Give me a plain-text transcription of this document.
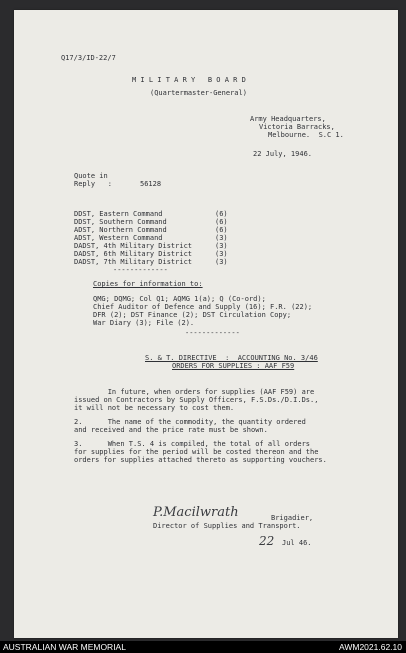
Q17/3/ID-22/7
M I L I T A R Y   B O A R D
(Quartermaster-General)
Army Headquarters,
Victoria Barracks,
Melbourne.  S.C 1.
22 July, 1946.
Quote in
Reply   :	56128
DDST, Eastern Command	(6)
DDST, Southern Command	(6)
ADST, Northern Command	(6)
ADST, Western Command	(3)
DADST, 4th Military District	(3)
DADST, 6th Military District	(3)
DADST, 7th Military District	(3)
-------------
Copies for information to:
QMG; DQMG; Col Q1; AQMG 1(a); Q (Co-ord);
Chief Auditor of Defence and Supply (16); F.R. (22);
DFR (2); DST Finance (2); DST Circulation Copy;
War Diary (3); File (2).
-------------
S. & T. DIRECTIVE  :  ACCOUNTING No. 3/46
ORDERS FOR SUPPLIES : AAF F59
In future, when orders for supplies (AAF F59) are
issued on Contractors by Supply Officers, F.S.Ds./D.I.Ds.,
it will not be necessary to cost them.
2.      The name of the commodity, the quantity ordered
and received and the price rate must be shown.
3.      When T.S. 4 is compiled, the total of all orders
for supplies for the period will be costed thereon and the
orders for supplies attached thereto as supporting vouchers.
P.Macilwrath	Brigadier,
Director of Supplies and Transport.
22 Jul 46.
AUSTRALIAN WAR MEMORIAL	AWM2021.62.10
